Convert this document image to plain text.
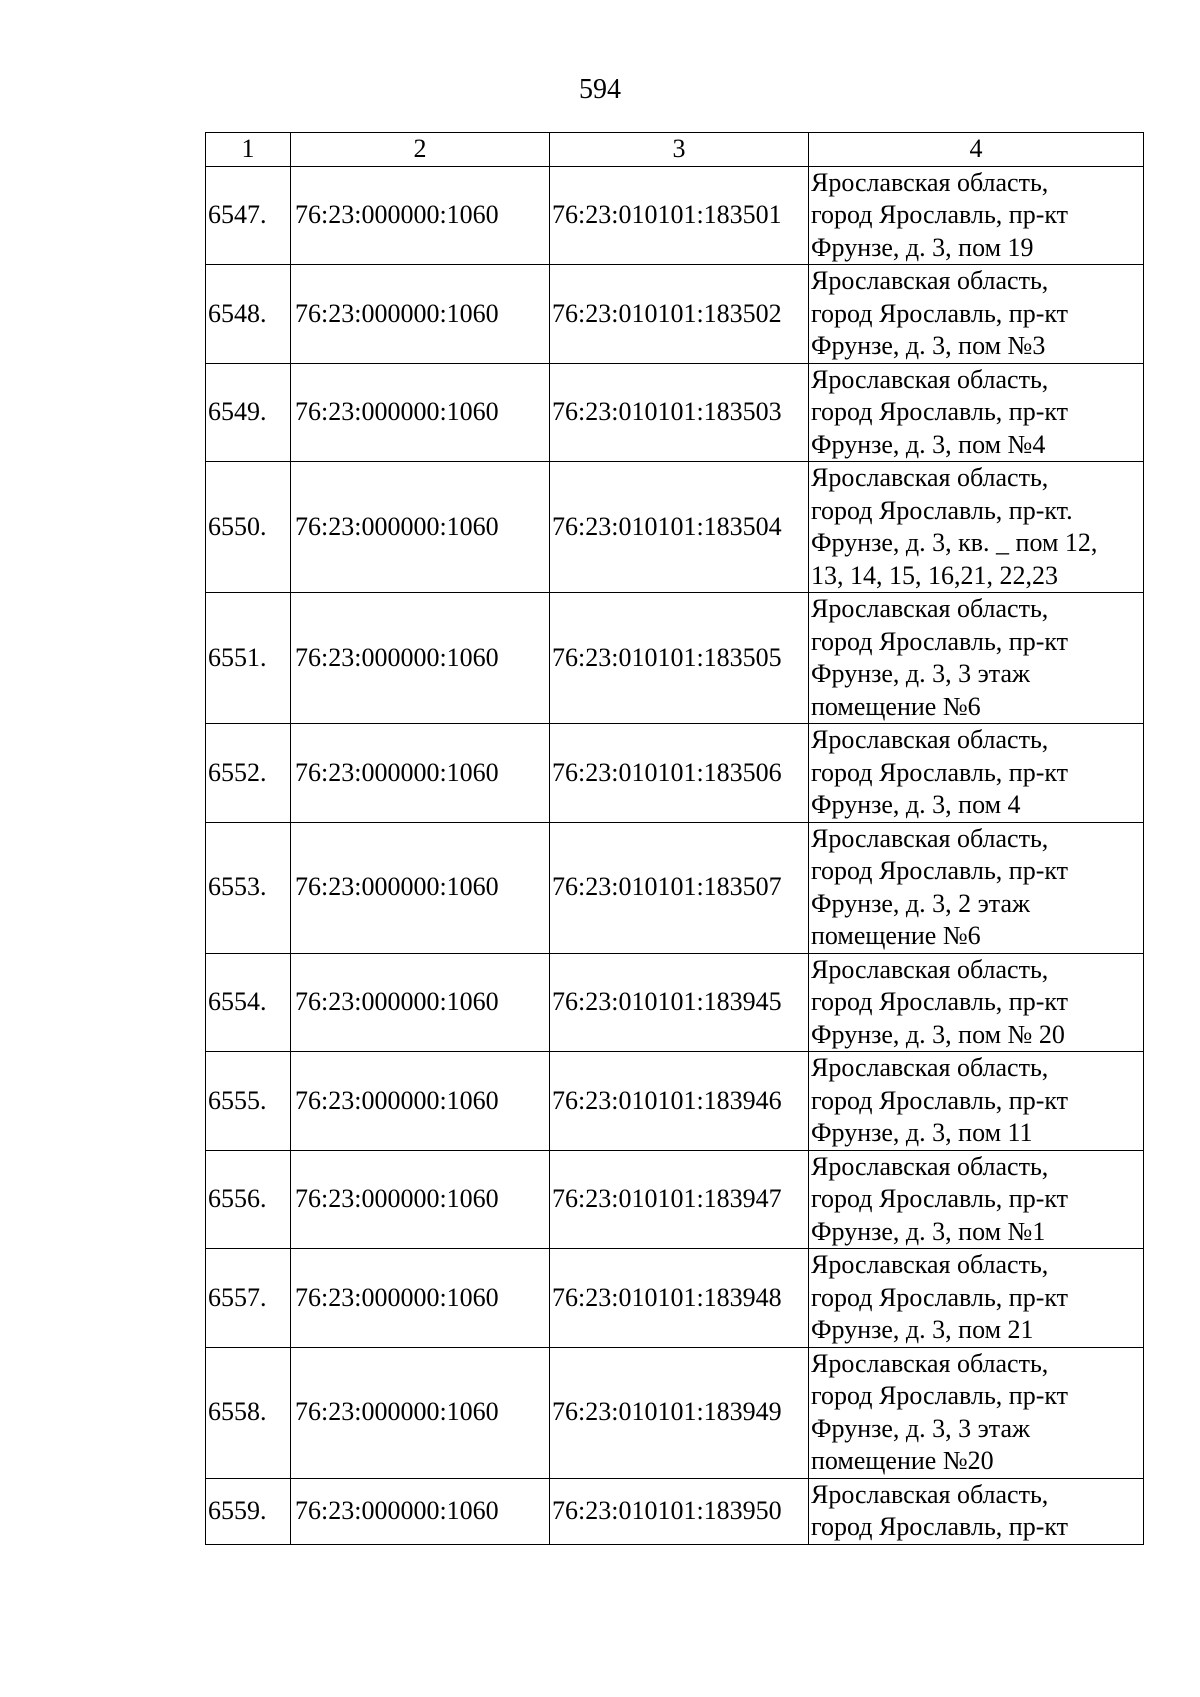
594
1	2	3	4
6547.	76:23:000000:1060	76:23:010101:183501	Ярославская область,
город Ярославль, пр-кт
Фрунзе, д. 3, пом 19

6548.	76:23:000000:1060	76:23:010101:183502	Ярославская область,
город Ярославль, пр-кт
Фрунзе, д. 3, пом №3

6549.	76:23:000000:1060	76:23:010101:183503	Ярославская область,
город Ярославль, пр-кт
Фрунзе, д. 3, пом №4

6550.	76:23:000000:1060	76:23:010101:183504	Ярославская область,
город Ярославль, пр-кт.
Фрунзе, д. 3, кв. _ пом 12,
13, 14, 15, 16,21, 22,23

6551.	76:23:000000:1060	76:23:010101:183505	Ярославская область,
город Ярославль, пр-кт
Фрунзе, д. 3, 3 этаж
помещение №6

6552.	76:23:000000:1060	76:23:010101:183506	Ярославская область,
город Ярославль, пр-кт
Фрунзе, д. 3, пом 4

6553.	76:23:000000:1060	76:23:010101:183507	Ярославская область,
город Ярославль, пр-кт
Фрунзе, д. 3, 2 этаж
помещение №6

6554.	76:23:000000:1060	76:23:010101:183945	Ярославская область,
город Ярославль, пр-кт
Фрунзе, д. 3, пом № 20

6555.	76:23:000000:1060	76:23:010101:183946	Ярославская область,
город Ярославль, пр-кт
Фрунзе, д. 3, пом 11

6556.	76:23:000000:1060	76:23:010101:183947	Ярославская область,
город Ярославль, пр-кт
Фрунзе, д. 3, пом №1

6557.	76:23:000000:1060	76:23:010101:183948	Ярославская область,
город Ярославль, пр-кт
Фрунзе, д. 3, пом 21

6558.	76:23:000000:1060	76:23:010101:183949	Ярославская область,
город Ярославль, пр-кт
Фрунзе, д. 3, 3 этаж
помещение №20

6559.	76:23:000000:1060	76:23:010101:183950	Ярославская область,
город Ярославль, пр-кт
